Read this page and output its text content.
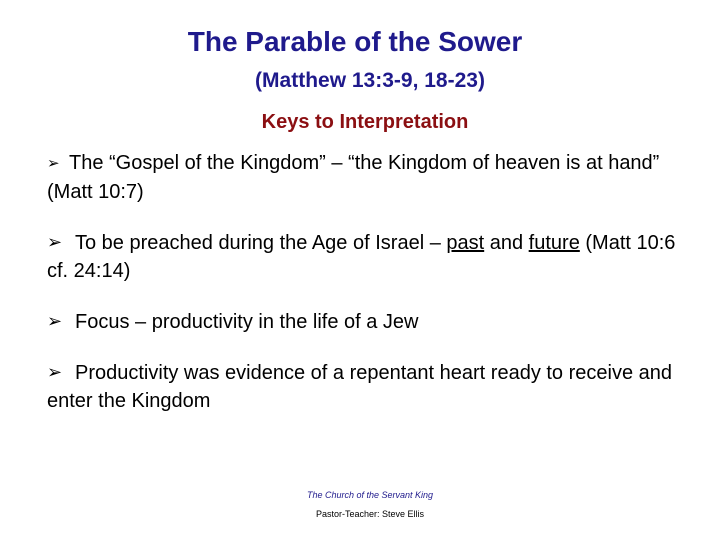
The Parable of the Sower
(Matthew 13:3-9, 18-23)
Keys to Interpretation
➢ The “Gospel of the Kingdom” – “the Kingdom of heaven is at hand” (Matt 10:7)
➢ To be preached during the Age of Israel – past and future (Matt 10:6 cf. 24:14)
➢ Focus – productivity in the life of a Jew
➢ Productivity was evidence of a repentant heart ready to receive and enter the Kingdom
The Church of the Servant King
Pastor-Teacher: Steve Ellis
